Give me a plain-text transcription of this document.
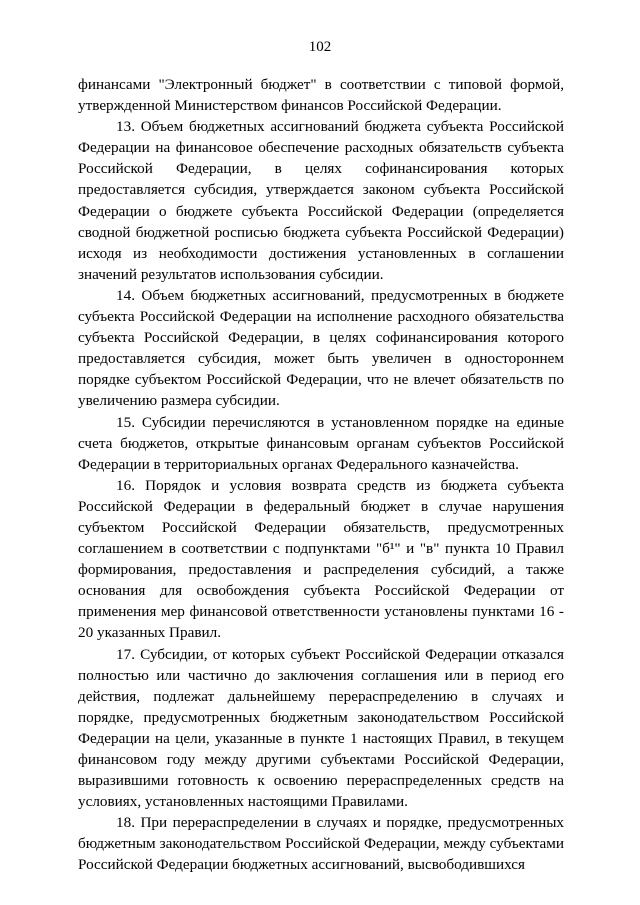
102

финансами "Электронный бюджет" в соответствии с типовой формой, утвержденной Министерством финансов Российской Федерации.

13. Объем бюджетных ассигнований бюджета субъекта Российской Федерации на финансовое обеспечение расходных обязательств субъекта Российской Федерации, в целях софинансирования которых предоставляется субсидия, утверждается законом субъекта Российской Федерации о бюджете субъекта Российской Федерации (определяется сводной бюджетной росписью бюджета субъекта Российской Федерации) исходя из необходимости достижения установленных в соглашении значений результатов использования субсидии.

14. Объем бюджетных ассигнований, предусмотренных в бюджете субъекта Российской Федерации на исполнение расходного обязательства субъекта Российской Федерации, в целях софинансирования которого предоставляется субсидия, может быть увеличен в одностороннем порядке субъектом Российской Федерации, что не влечет обязательств по увеличению размера субсидии.

15. Субсидии перечисляются в установленном порядке на единые счета бюджетов, открытые финансовым органам субъектов Российской Федерации в территориальных органах Федерального казначейства.

16. Порядок и условия возврата средств из бюджета субъекта Российской Федерации в федеральный бюджет в случае нарушения субъектом Российской Федерации обязательств, предусмотренных соглашением в соответствии с подпунктами "б¹" и "в" пункта 10 Правил формирования, предоставления и распределения субсидий, а также основания для освобождения субъекта Российской Федерации от применения мер финансовой ответственности установлены пунктами 16 - 20 указанных Правил.

17. Субсидии, от которых субъект Российской Федерации отказался полностью или частично до заключения соглашения или в период его действия, подлежат дальнейшему перераспределению в случаях и порядке, предусмотренных бюджетным законодательством Российской Федерации на цели, указанные в пункте 1 настоящих Правил, в текущем финансовом году между другими субъектами Российской Федерации, выразившими готовность к освоению перераспределенных средств на условиях, установленных настоящими Правилами.

18. При перераспределении в случаях и порядке, предусмотренных бюджетным законодательством Российской Федерации, между субъектами Российской Федерации бюджетных ассигнований, высвободившихся
